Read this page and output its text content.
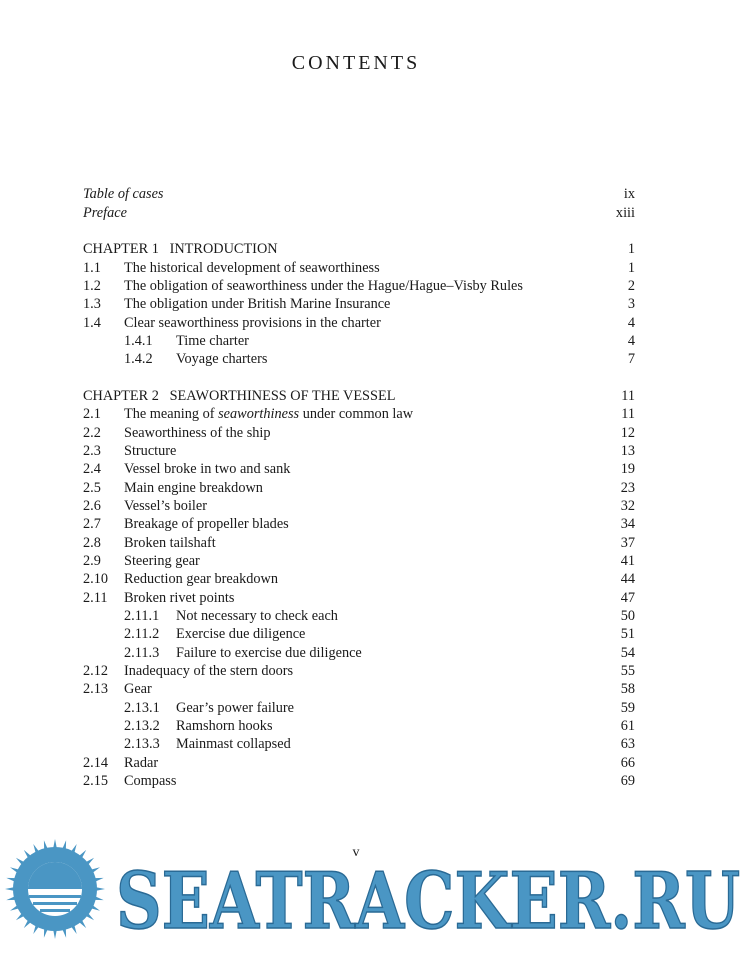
CONTENTS
Table of cases	ix
Preface	xiii
CHAPTER 1   INTRODUCTION	1
1.1 The historical development of seaworthiness	1
1.2 The obligation of seaworthiness under the Hague/Hague–Visby Rules	2
1.3 The obligation under British Marine Insurance	3
1.4 Clear seaworthiness provisions in the charter	4
1.4.1 Time charter	4
1.4.2 Voyage charters	7
CHAPTER 2   SEAWORTHINESS OF THE VESSEL	11
2.1 The meaning of seaworthiness under common law	11
2.2 Seaworthiness of the ship	12
2.3 Structure	13
2.4 Vessel broke in two and sank	19
2.5 Main engine breakdown	23
2.6 Vessel’s boiler	32
2.7 Breakage of propeller blades	34
2.8 Broken tailshaft	37
2.9 Steering gear	41
2.10 Reduction gear breakdown	44
2.11 Broken rivet points	47
2.11.1 Not necessary to check each	50
2.11.2 Exercise due diligence	51
2.11.3 Failure to exercise due diligence	54
2.12 Inadequacy of the stern doors	55
2.13 Gear	58
2.13.1 Gear’s power failure	59
2.13.2 Ramshorn hooks	61
2.13.3 Mainmast collapsed	63
2.14 Radar	66
2.15 Compass	69
v
SEATRACKER.RU
